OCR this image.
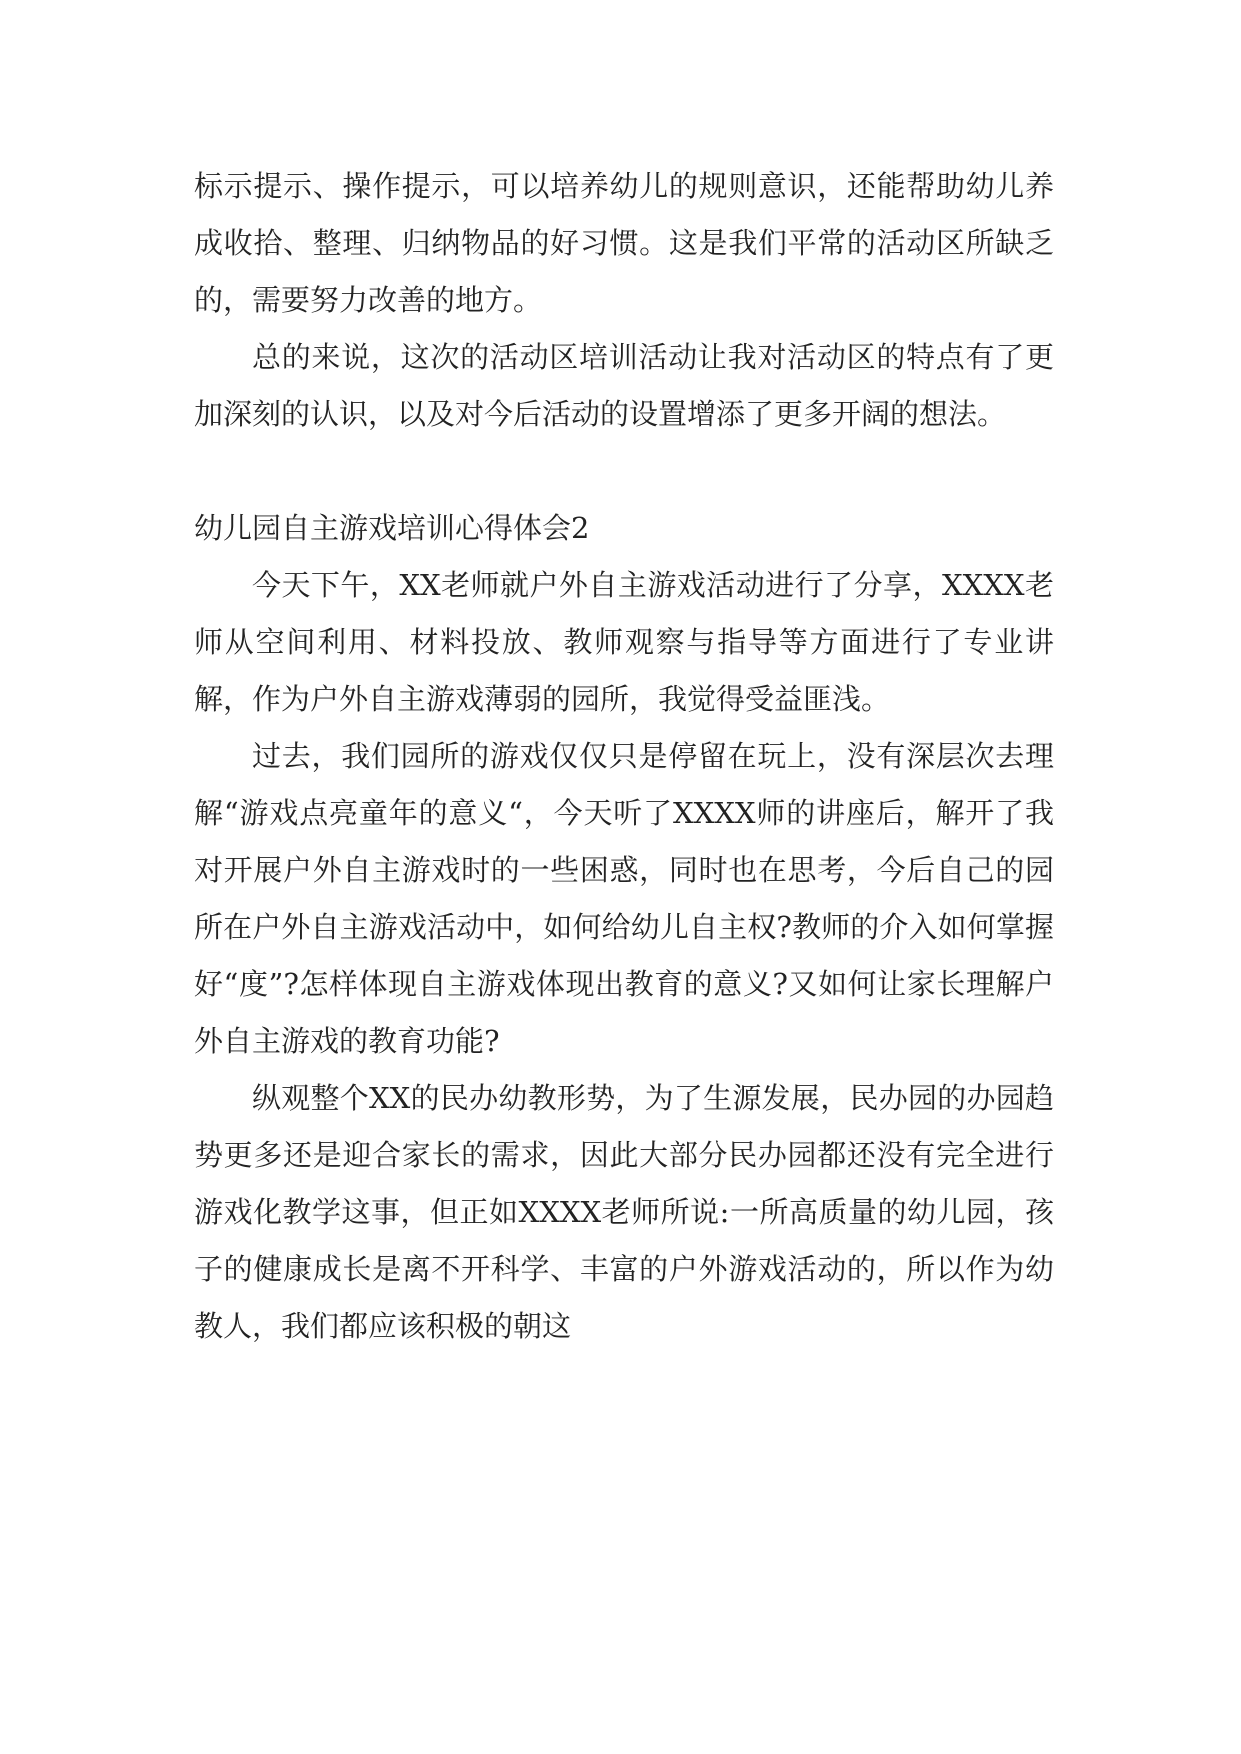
标示提示、操作提示，可以培养幼儿的规则意识，还能帮助幼儿养成收拾、整理、归纳物品的好习惯。这是我们平常的活动区所缺乏的，需要努力改善的地方。

总的来说，这次的活动区培训活动让我对活动区的特点有了更加深刻的认识，以及对今后活动的设置增添了更多开阔的想法。

幼儿园自主游戏培训心得体会2

今天下午，XX老师就户外自主游戏活动进行了分享，XXXX老师从空间利用、材料投放、教师观察与指导等方面进行了专业讲解，作为户外自主游戏薄弱的园所，我觉得受益匪浅。

过去，我们园所的游戏仅仅只是停留在玩上，没有深层次去理解“游戏点亮童年的意义“，今天听了XXXX师的讲座后，解开了我对开展户外自主游戏时的一些困惑，同时也在思考，今后自己的园所在户外自主游戏活动中，如何给幼儿自主权?教师的介入如何掌握好“度”?怎样体现自主游戏体现出教育的意义?又如何让家长理解户外自主游戏的教育功能?

纵观整个XX的民办幼教形势，为了生源发展，民办园的办园趋势更多还是迎合家长的需求，因此大部分民办园都还没有完全进行游戏化教学这事，但正如XXXX老师所说:一所高质量的幼儿园，孩子的健康成长是离不开科学、丰富的户外游戏活动的，所以作为幼教人，我们都应该积极的朝这
